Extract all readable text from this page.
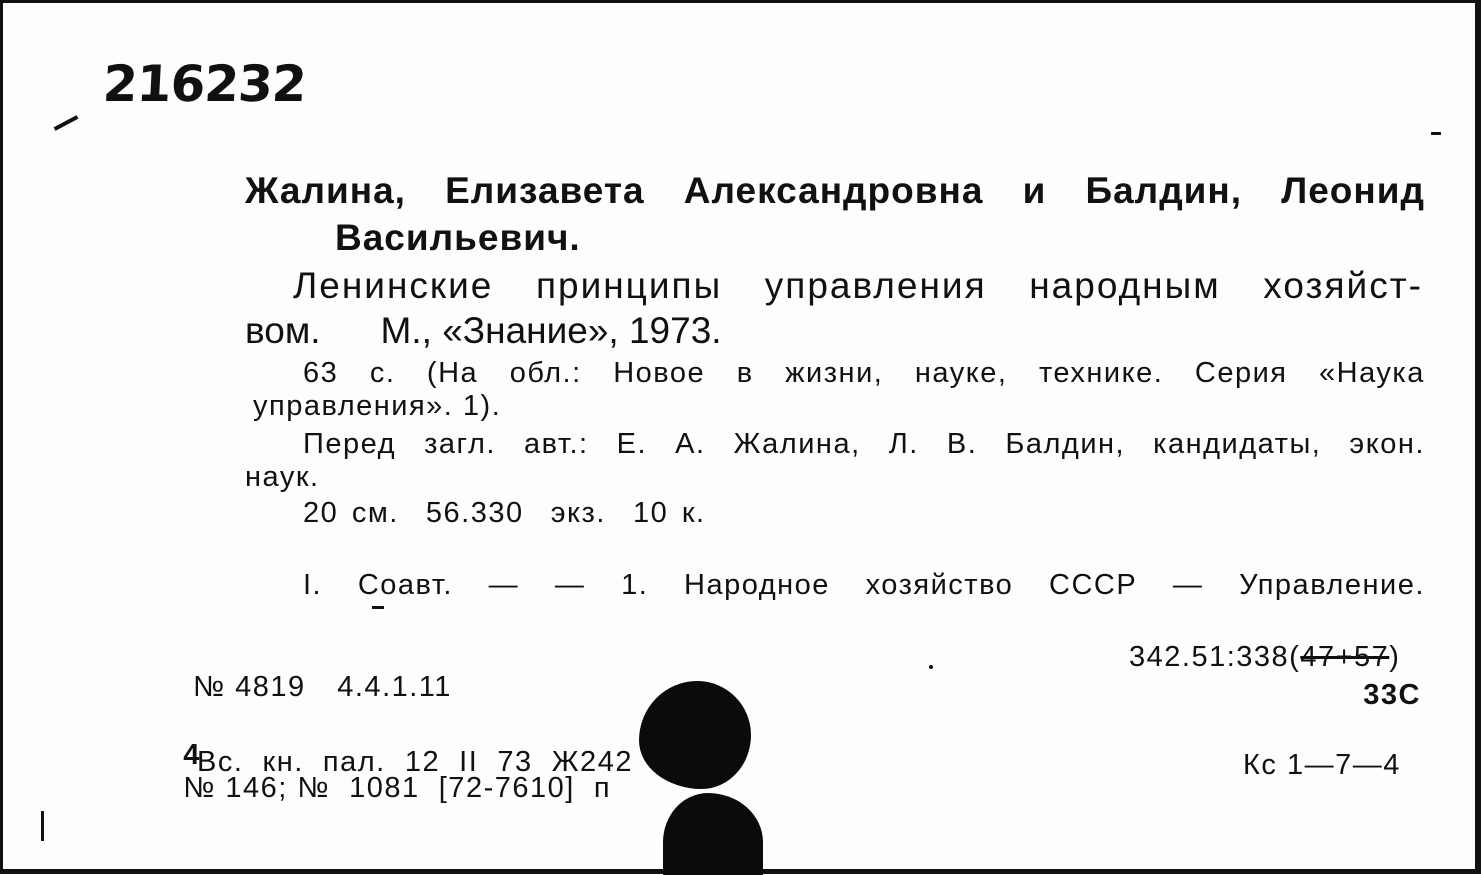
216232
Жалина, Елизавета Александровна и Балдин, Леонид
Васильевич.
Ленинские принципы управления народным хозяйст-
вом. М., «Знание», 1973.
63 с. (На обл.: Новое в жизни, науке, технике. Серия «Наука
управления». 1).
Перед загл. авт.: Е. А. Жалина, Л. В. Балдин, кандидаты, экон.
наук.
20 см.  56.330  экз.  10 к.
I. Соавт. — — 1. Народное хозяйство СССР — Управление.
342.51:338(47+57)
33С
Кс 1—7—4
№ 4819 4.4.1.11

4
№ 146; №  1081  [72-7610]  п

Вс.  кн.  пал.  12  II  73  Ж242
